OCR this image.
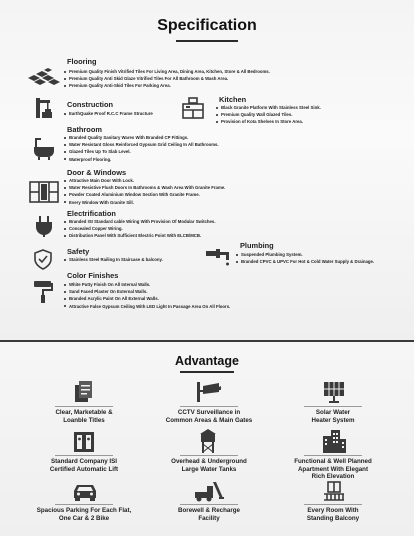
Specification
Flooring
Premium Quality Finish Vitrified Tiles For Living Area, Dining Area, Kitchen, Store & All Bedrooms.
Premium Quality Anti Skid Glaze Vitrified Tiles For All Bathroom & Wash Area.
Premium Quality Anti-Skid Tiles For Parking Area.
Construction
EarthQuake Proof R.C.C Frame Structure
Kitchen
Black Granite Platform With Stainless Steel Sink.
Premium Quality Wall Glazed Tiles.
Provision of Kota Shelves In Store Area.
Bathroom
Branded Quality Sanitary Wares With Branded CP Fittings.
Water Resistant Gloss Reinforced Gypsum Grid Ceiling In All Bathrooms.
Glazed Tiles Up To Slab Level.
Waterproof Flooring.
Door & Windows
Attractive Main Door With Lock.
Water Resistive Flush Doors In Bathrooms & Wash Area With Granite Frame.
Powder Coated Aluminium Window Section With Granite Frame.
Every Window With Granite Sill.
Electrification
Branded ISI Standard cable Wiring With Provision Of Modular Switches.
Concealed Copper Wiring.
Distribution Panel With Sufficient Electric Point With ELCB/MCB.
Safety
Stainless Steel Railing In Staircase & balcony.
Plumbing
Suspended Plumbing System.
Branded CPVC & UPVC For Hot & Cold Water Supply & Drainage.
Color Finishes
White Putty Finish On All Internal Walls.
Sand Faced Plaster On External Walls.
Branded Acrylic Paint On All External Walls.
Attractive False Gypsum Ceiling With LED Light In Passage Area On All Floors.
Advantage
Clear, Marketable &
Loanble Titles
CCTV Surveillance in
Common Areas & Main Gates
Solar Water
Heater System
Standard Company ISI
Certified Automatic Lift
Overhead & Underground
Large Water Tanks
Functional & Well Planned
Apartment With Elegant
Rich Elevation
Spacious Parking For Each Flat,
One Car & 2 Bike
Borewell & Recharge
Facility
Every Room With
Standing Balcony
